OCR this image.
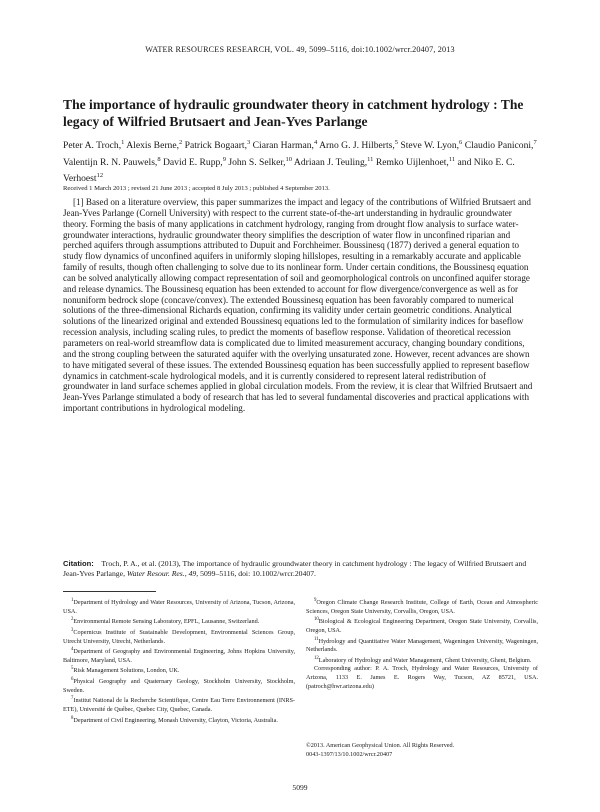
WATER RESOURCES RESEARCH, VOL. 49, 5099–5116, doi:10.1002/wrcr.20407, 2013
The importance of hydraulic groundwater theory in catchment hydrology : The legacy of Wilfried Brutsaert and Jean-Yves Parlange
Peter A. Troch,$^1$ Alexis Berne,$^2$ Patrick Bogaart,$^3$ Ciaran Harman,$^4$ Arno G. J. Hilberts,$^5$ Steve W. Lyon,$^6$ Claudio Paniconi,$^7$ Valentijn R. N. Pauwels,$^8$ David E. Rupp,$^9$ John S. Selker,$^{10}$ Adriaan J. Teuling,$^{11}$ Remko Uijlenhoet,$^{11}$ and Niko E. C. Verhoest$^{12}$
Received 1 March 2013 ; revised 21 June 2013 ; accepted 8 July 2013 ; published 4 September 2013.
[1] Based on a literature overview, this paper summarizes the impact and legacy of the contributions of Wilfried Brutsaert and Jean-Yves Parlange (Cornell University) with respect to the current state-of-the-art understanding in hydraulic groundwater theory. Forming the basis of many applications in catchment hydrology, ranging from drought flow analysis to surface water-groundwater interactions, hydraulic groundwater theory simplifies the description of water flow in unconfined riparian and perched aquifers through assumptions attributed to Dupuit and Forchheimer. Boussinesq (1877) derived a general equation to study flow dynamics of unconfined aquifers in uniformly sloping hillslopes, resulting in a remarkably accurate and applicable family of results, though often challenging to solve due to its nonlinear form. Under certain conditions, the Boussinesq equation can be solved analytically allowing compact representation of soil and geomorphological controls on unconfined aquifer storage and release dynamics. The Boussinesq equation has been extended to account for flow divergence/convergence as well as for nonuniform bedrock slope (concave/convex). The extended Boussinesq equation has been favorably compared to numerical solutions of the three-dimensional Richards equation, confirming its validity under certain geometric conditions. Analytical solutions of the linearized original and extended Boussinesq equations led to the formulation of similarity indices for baseflow recession analysis, including scaling rules, to predict the moments of baseflow response. Validation of theoretical recession parameters on real-world streamflow data is complicated due to limited measurement accuracy, changing boundary conditions, and the strong coupling between the saturated aquifer with the overlying unsaturated zone. However, recent advances are shown to have mitigated several of these issues. The extended Boussinesq equation has been successfully applied to represent baseflow dynamics in catchment-scale hydrological models, and it is currently considered to represent lateral redistribution of groundwater in land surface schemes applied in global circulation models. From the review, it is clear that Wilfried Brutsaert and Jean-Yves Parlange stimulated a body of research that has led to several fundamental discoveries and practical applications with important contributions in hydrological modeling.
Citation: Troch, P. A., et al. (2013), The importance of hydraulic groundwater theory in catchment hydrology : The legacy of Wilfried Brutsaert and Jean-Yves Parlange, Water Resour. Res., 49, 5099–5116, doi: 10.1002/wrcr.20407.

$^1$Department of Hydrology and Water Resources, University of Arizona, Tucson, Arizona, USA.

$^2$Environmental Remote Sensing Laboratory, EPFL, Lausanne, Switzerland.

$^3$Copernicus Institute of Sustainable Development, Environmental Sciences Group, Utrecht University, Utrecht, Netherlands.

$^4$Department of Geography and Environmental Engineering, Johns Hopkins University, Baltimore, Maryland, USA.

$^5$Risk Management Solutions, London, UK.

$^6$Physical Geography and Quaternary Geology, Stockholm University, Stockholm, Sweden.

$^7$Institut National de la Recherche Scientifique, Centre Eau Terre Environnement (INRS-ETE), Université de Québec, Quebec City, Quebec, Canada.

$^8$Department of Civil Engineering, Monash University, Clayton, Victoria, Australia.

$^9$Oregon Climate Change Research Institute, College of Earth, Ocean and Atmospheric Sciences, Oregon State University, Corvallis, Oregon, USA.

$^{10}$Biological & Ecological Engineering Department, Oregon State University, Corvallis, Oregon, USA.

$^{11}$Hydrology and Quantitative Water Management, Wageningen University, Wageningen, Netherlands.

$^{12}$Laboratory of Hydrology and Water Management, Ghent University, Ghent, Belgium.

Corresponding author: P. A. Troch, Hydrology and Water Resources, University of Arizona, 1133 E. James E. Rogers Way, Tucson, AZ 85721, USA. (patroch@hwr.arizona.edu)

©2013. American Geophysical Union. All Rights Reserved.
0043-1397/13/10.1002/wrcr.20407
5099
